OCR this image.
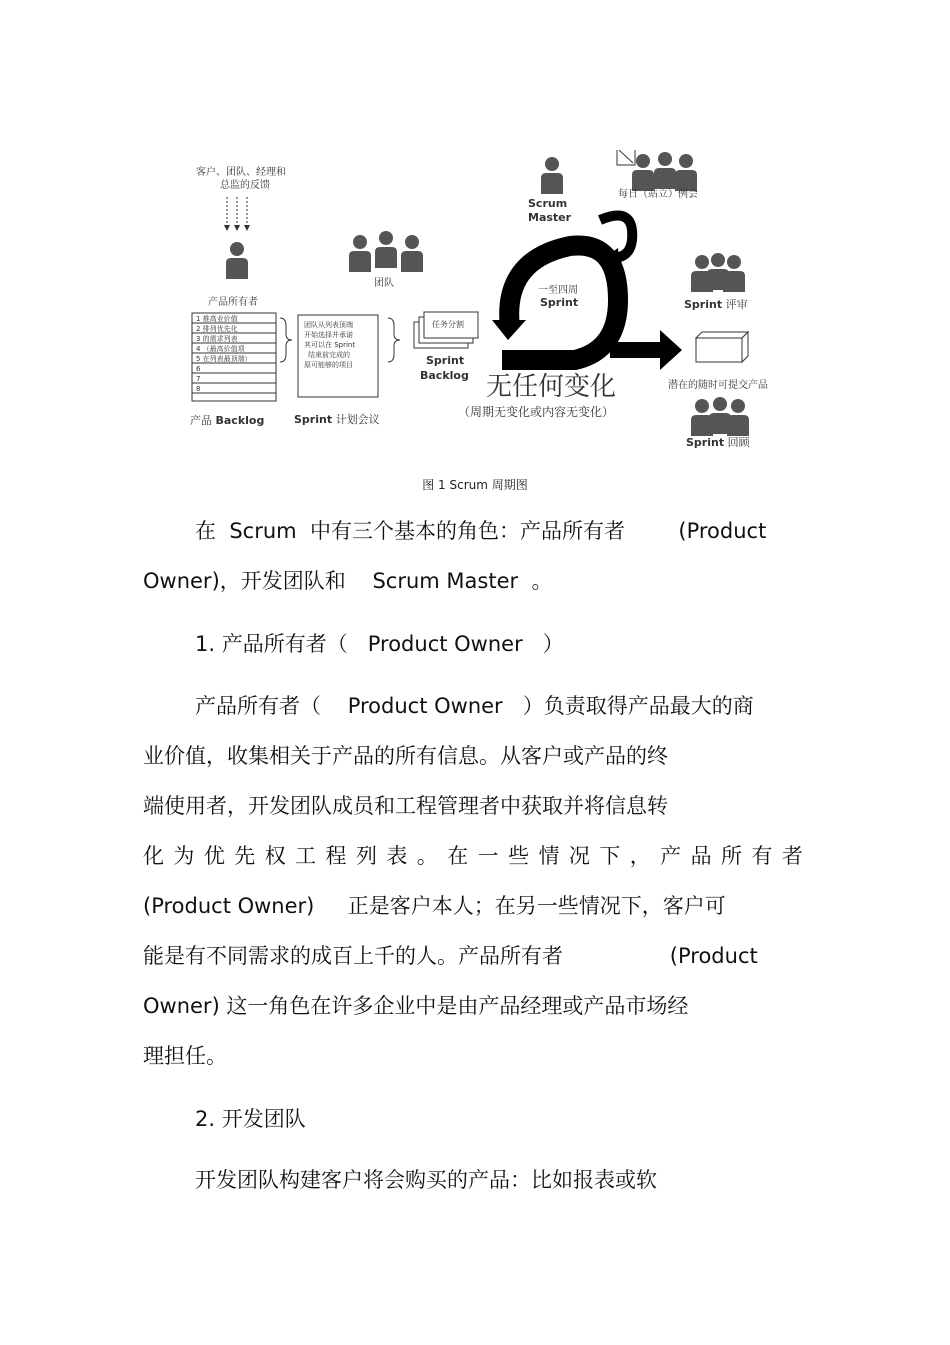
客户、团队、经理和
总监的反馈
产品所有者
1 推高业价值
2 排列优先化
3 的需求列表
4 （最高价值项
5 在列表最顶端）
6
7
8
产品 Backlog
团队
团队从列表顶端
开始选择并承诺
其可以在 Sprint
结束前完成的
原可能够的项目
Sprint 计划会议
任务分割
Sprint
Backlog
Scrum
Master
每日（站立）例会
一至四周
Sprint
无任何变化
（周期无变化或内容无变化）
Sprint 评审
潜在的随时可提交产品
Sprint 回顾
图 1 Scrum 周期图
在  Scrum  中有三个基本的角色：产品所有者        (Product
Owner)，开发团队和    Scrum Master  。
1. 产品所有者（   Product Owner   ）
产品所有者（    Product Owner   ）负责取得产品最大的商
业价值，收集相关于产品的所有信息。从客户或产品的终
端使用者，开发团队成员和工程管理者中获取并将信息转
化 为 优 先 权 工 程 列 表 。 在 一 些 情 况 下 ， 产 品 所 有 者
(Product Owner)     正是客户本人；在另一些情况下，客户可
能是有不同需求的成百上千的人。产品所有者                (Product
Owner) 这一角色在许多企业中是由产品经理或产品市场经
理担任。
2. 开发团队
开发团队构建客户将会购买的产品：比如报表或软
